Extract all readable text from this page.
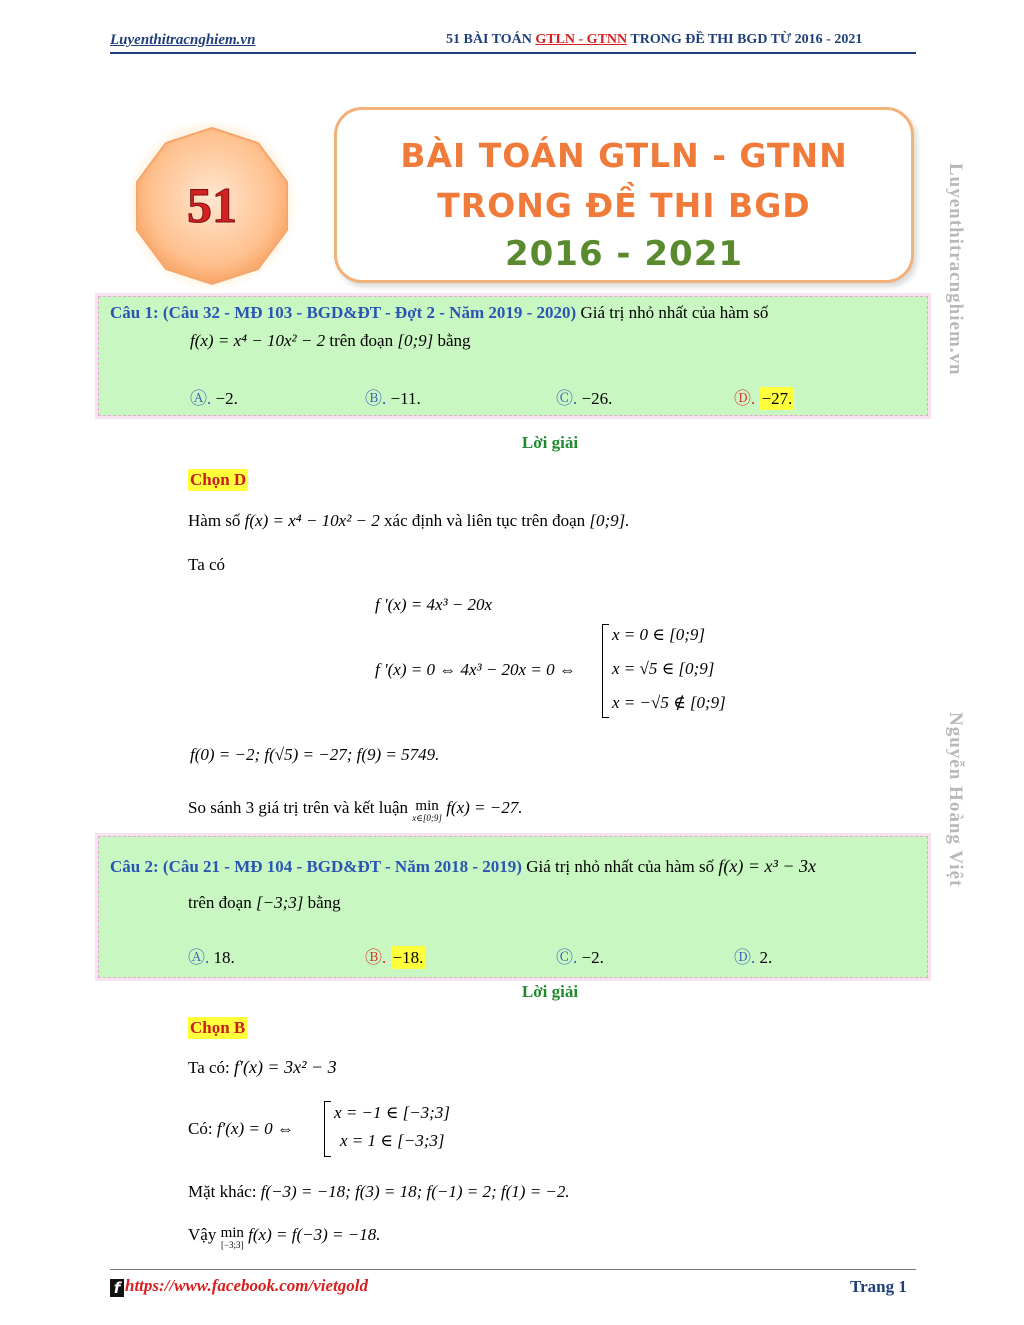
Luyenthitracnghiem.vn	51 BÀI TOÁN GTLN - GTNN TRONG ĐỀ THI BGD TỪ 2016 - 2021
51
BÀI TOÁN GTLN - GTNN
TRONG ĐỀ THI BGD
2016 - 2021	Luyenthitracnghiem.vn
Nguyễn Hoàng Việt
Câu 1: (Câu 32 - MĐ 103 - BGD&ĐT - Đợt 2 - Năm 2019 - 2020) Giá trị nhỏ nhất của hàm số
f(x) = x⁴ − 10x² − 2 trên đoạn [0;9] bằng
Ⓐ. −2.	Ⓑ. −11.	Ⓒ. −26.	Ⓓ. −27.
Lời giải
Chọn D
Hàm số f(x) = x⁴ − 10x² − 2 xác định và liên tục trên đoạn [0;9].
Ta có
f '(x) = 4x³ − 20x
f '(x) = 0 ⇔ 4x³ − 20x = 0 ⇔
x = 0 ∈ [0;9]
x = √5 ∈ [0;9]
x = −√5 ∉ [0;9]
f(0) = −2; f(√5) = −27; f(9) = 5749.
So sánh 3 giá trị trên và kết luận min
x∈[0;9]
f(x) = −27.
Câu 2: (Câu 21 - MĐ 104 - BGD&ĐT - Năm 2018 - 2019) Giá trị nhỏ nhất của hàm số f(x) = x³ − 3x
trên đoạn [−3;3] bằng
Ⓐ. 18.	Ⓑ. −18.	Ⓒ. −2.	Ⓓ. 2.
Lời giải
Chọn B
Ta có: f′(x) = 3x² − 3
Có: f′(x) = 0 ⇔
x = −1 ∈ [−3;3]
x = 1 ∈ [−3;3]
Mặt khác: f(−3) = −18; f(3) = 18; f(−1) = 2; f(1) = −2.
Vậy min
[−3;3]
f(x) = f(−3) = −18.
f https://www.facebook.com/vietgold	Trang 1
